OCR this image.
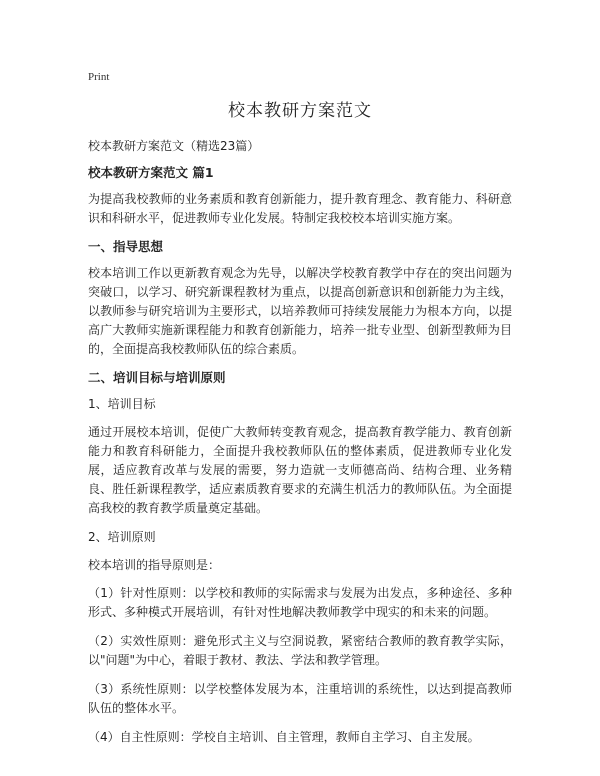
Print
校本教研方案范文

校本教研方案范文（精选23篇）

校本教研方案范文 篇1

为提高我校教师的业务素质和教育创新能力，提升教育理念、教育能力、科研意识和科研水平，促进教师专业化发展。特制定我校校本培训实施方案。

一、指导思想

校本培训工作以更新教育观念为先导，以解决学校教育教学中存在的突出问题为突破口，以学习、研究新课程教材为重点，以提高创新意识和创新能力为主线，以教师参与研究培训为主要形式，以培养教师可持续发展能力为根本方向，以提高广大教师实施新课程能力和教育创新能力，培养一批专业型、创新型教师为目的，全面提高我校教师队伍的综合素质。

二、培训目标与培训原则

1、培训目标

通过开展校本培训，促使广大教师转变教育观念，提高教育教学能力、教育创新能力和教育科研能力，全面提升我校教师队伍的整体素质，促进教师专业化发展，适应教育改革与发展的需要，努力造就一支师德高尚、结构合理、业务精良、胜任新课程教学，适应素质教育要求的充满生机活力的教师队伍。为全面提高我校的教育教学质量奠定基础。

2、培训原则

校本培训的指导原则是：

（1）针对性原则：以学校和教师的实际需求与发展为出发点，多种途径、多种形式、多种模式开展培训，有针对性地解决教师教学中现实的和未来的问题。

（2）实效性原则：避免形式主义与空洞说教，紧密结合教师的教育教学实际，以"问题"为中心，着眼于教材、教法、学法和教学管理。

（3）系统性原则：以学校整体发展为本，注重培训的系统性，以达到提高教师队伍的整体水平。

（4）自主性原则：学校自主培训、自主管理，教师自主学习、自主发展。
